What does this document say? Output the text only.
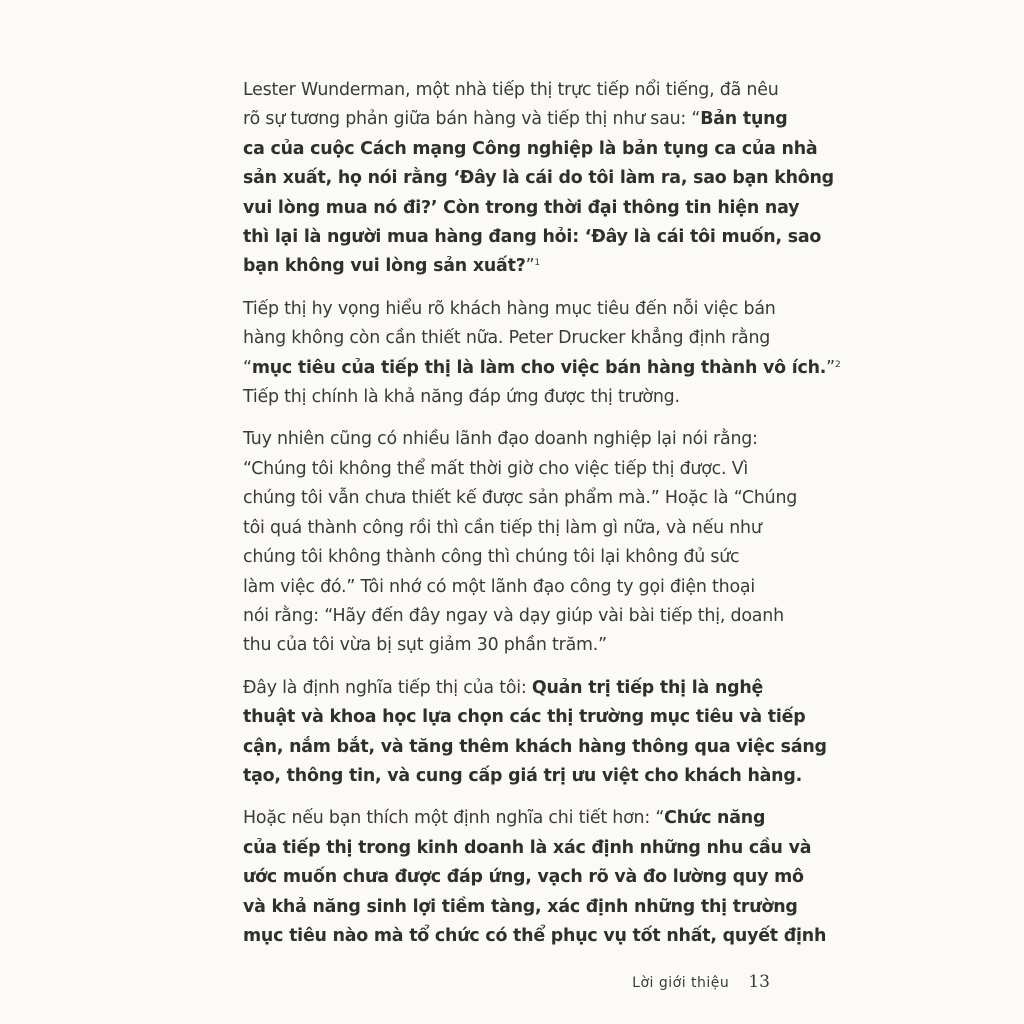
Lester Wunderman, một nhà tiếp thị trực tiếp nổi tiếng, đã nêu
rõ sự tương phản giữa bán hàng và tiếp thị như sau: “Bản tụng
ca của cuộc Cách mạng Công nghiệp là bản tụng ca của nhà
sản xuất, họ nói rằng ‘Đây là cái do tôi làm ra, sao bạn không
vui lòng mua nó đi?’ Còn trong thời đại thông tin hiện nay
thì lại là người mua hàng đang hỏi: ‘Đây là cái tôi muốn, sao
bạn không vui lòng sản xuất?”$^1$

Tiếp thị hy vọng hiểu rõ khách hàng mục tiêu đến nỗi việc bán
hàng không còn cần thiết nữa. Peter Drucker khẳng định rằng
“mục tiêu của tiếp thị là làm cho việc bán hàng thành vô ích.”$^2$
Tiếp thị chính là khả năng đáp ứng được thị trường.

Tuy nhiên cũng có nhiều lãnh đạo doanh nghiệp lại nói rằng:
“Chúng tôi không thể mất thời giờ cho việc tiếp thị được. Vì
chúng tôi vẫn chưa thiết kế được sản phẩm mà.” Hoặc là “Chúng
tôi quá thành công rồi thì cần tiếp thị làm gì nữa, và nếu như
chúng tôi không thành công thì chúng tôi lại không đủ sức
làm việc đó.” Tôi nhớ có một lãnh đạo công ty gọi điện thoại
nói rằng: “Hãy đến đây ngay và dạy giúp vài bài tiếp thị, doanh
thu của tôi vừa bị sụt giảm 30 phần trăm.”

Đây là định nghĩa tiếp thị của tôi: Quản trị tiếp thị là nghệ
thuật và khoa học lựa chọn các thị trường mục tiêu và tiếp
cận, nắm bắt, và tăng thêm khách hàng thông qua việc sáng
tạo, thông tin, và cung cấp giá trị ưu việt cho khách hàng.

Hoặc nếu bạn thích một định nghĩa chi tiết hơn: “Chức năng
của tiếp thị trong kinh doanh là xác định những nhu cầu và
ước muốn chưa được đáp ứng, vạch rõ và đo lường quy mô
và khả năng sinh lợi tiềm tàng, xác định những thị trường
mục tiêu nào mà tổ chức có thể phục vụ tốt nhất, quyết định

Lời giới thiệu 13
